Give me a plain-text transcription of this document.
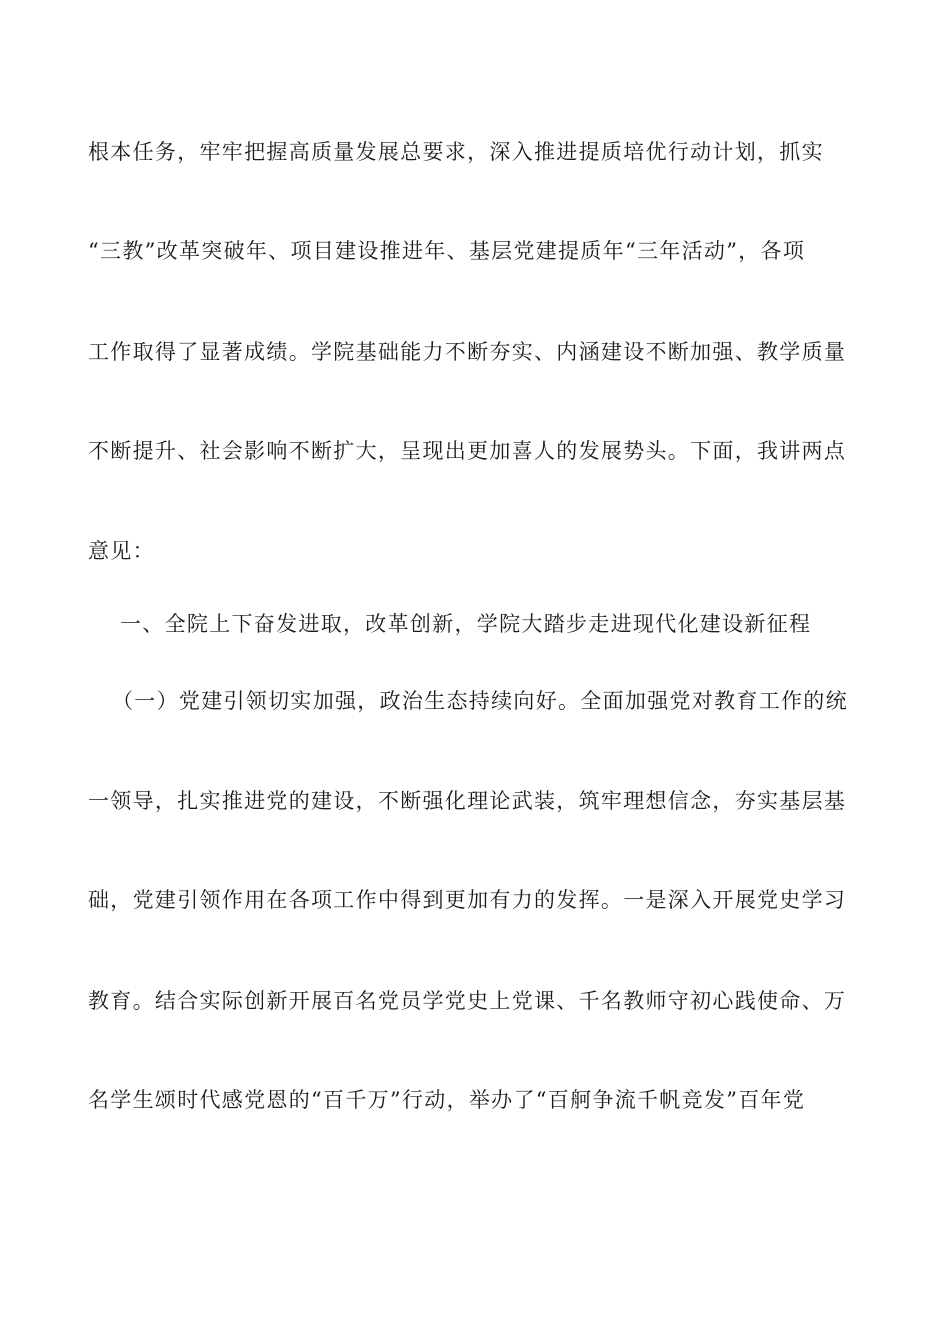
根本任务，牢牢把握高质量发展总要求，深入推进提质培优行动计划，抓实
“三教”改革突破年、项目建设推进年、基层党建提质年“三年活动”，各项
工作取得了显著成绩。学院基础能力不断夯实、内涵建设不断加强、教学质量
不断提升、社会影响不断扩大，呈现出更加喜人的发展势头。下面，我讲两点
意见：
一、全院上下奋发进取，改革创新，学院大踏步走进现代化建设新征程
（一）党建引领切实加强，政治生态持续向好。全面加强党对教育工作的统
一领导，扎实推进党的建设，不断强化理论武装，筑牢理想信念，夯实基层基
础，党建引领作用在各项工作中得到更加有力的发挥。一是深入开展党史学习
教育。结合实际创新开展百名党员学党史上党课、千名教师守初心践使命、万
名学生颂时代感党恩的“百千万”行动，举办了“百舸争流千帆竞发”百年党
